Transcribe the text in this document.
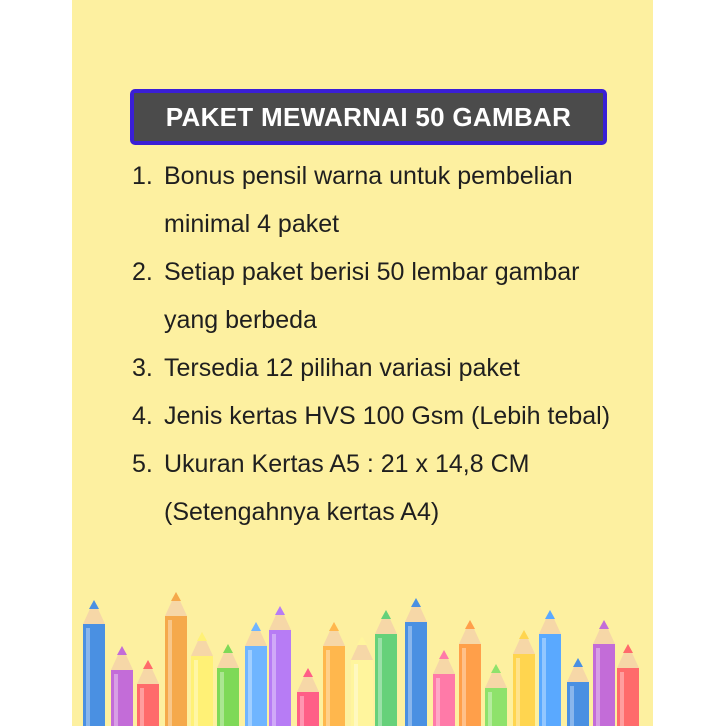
PAKET MEWARNAI 50 GAMBAR
1. Bonus pensil warna untuk pembelian minimal 4 paket
2. Setiap paket berisi 50 lembar gambar yang berbeda
3. Tersedia 12 pilihan variasi paket
4. Jenis kertas HVS 100 Gsm (Lebih tebal)
5. Ukuran Kertas A5 : 21 x 14,8 CM (Setengahnya kertas A4)
